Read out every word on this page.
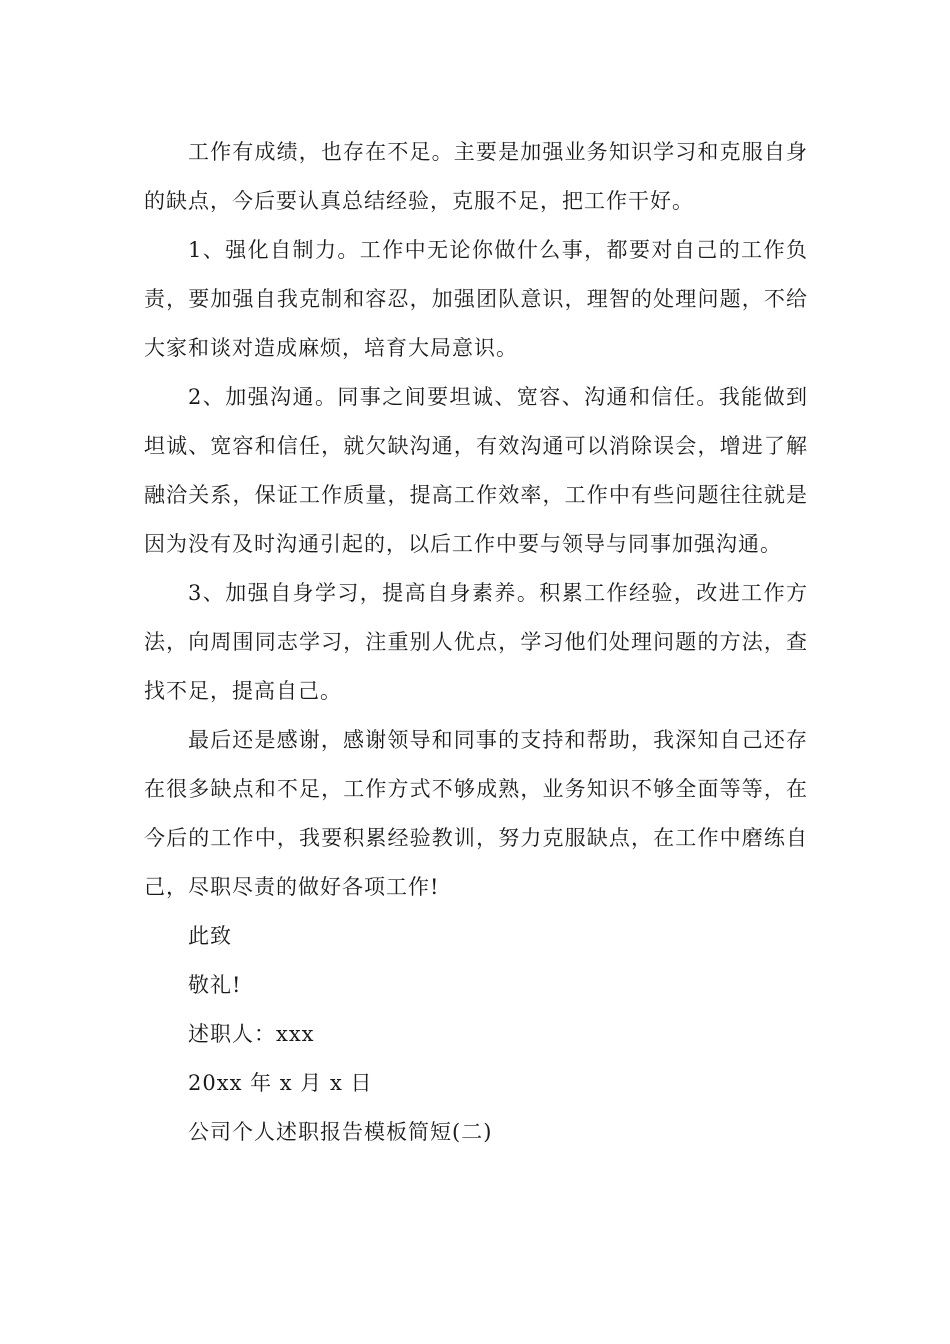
工作有成绩，也存在不足。主要是加强业务知识学习和克服自身的缺点，今后要认真总结经验，克服不足，把工作干好。

1、强化自制力。工作中无论你做什么事，都要对自己的工作负责，要加强自我克制和容忍，加强团队意识，理智的处理问题，不给大家和谈对造成麻烦，培育大局意识。

2、加强沟通。同事之间要坦诚、宽容、沟通和信任。我能做到坦诚、宽容和信任，就欠缺沟通，有效沟通可以消除误会，增进了解融洽关系，保证工作质量，提高工作效率，工作中有些问题往往就是因为没有及时沟通引起的，以后工作中要与领导与同事加强沟通。

3、加强自身学习，提高自身素养。积累工作经验，改进工作方法，向周围同志学习，注重别人优点，学习他们处理问题的方法，查找不足，提高自己。

最后还是感谢，感谢领导和同事的支持和帮助，我深知自己还存在很多缺点和不足，工作方式不够成熟，业务知识不够全面等等，在今后的工作中，我要积累经验教训，努力克服缺点，在工作中磨练自己，尽职尽责的做好各项工作!

此致

敬礼!

述职人：xxx

20xx 年 x 月 x 日

公司个人述职报告模板简短(二)
